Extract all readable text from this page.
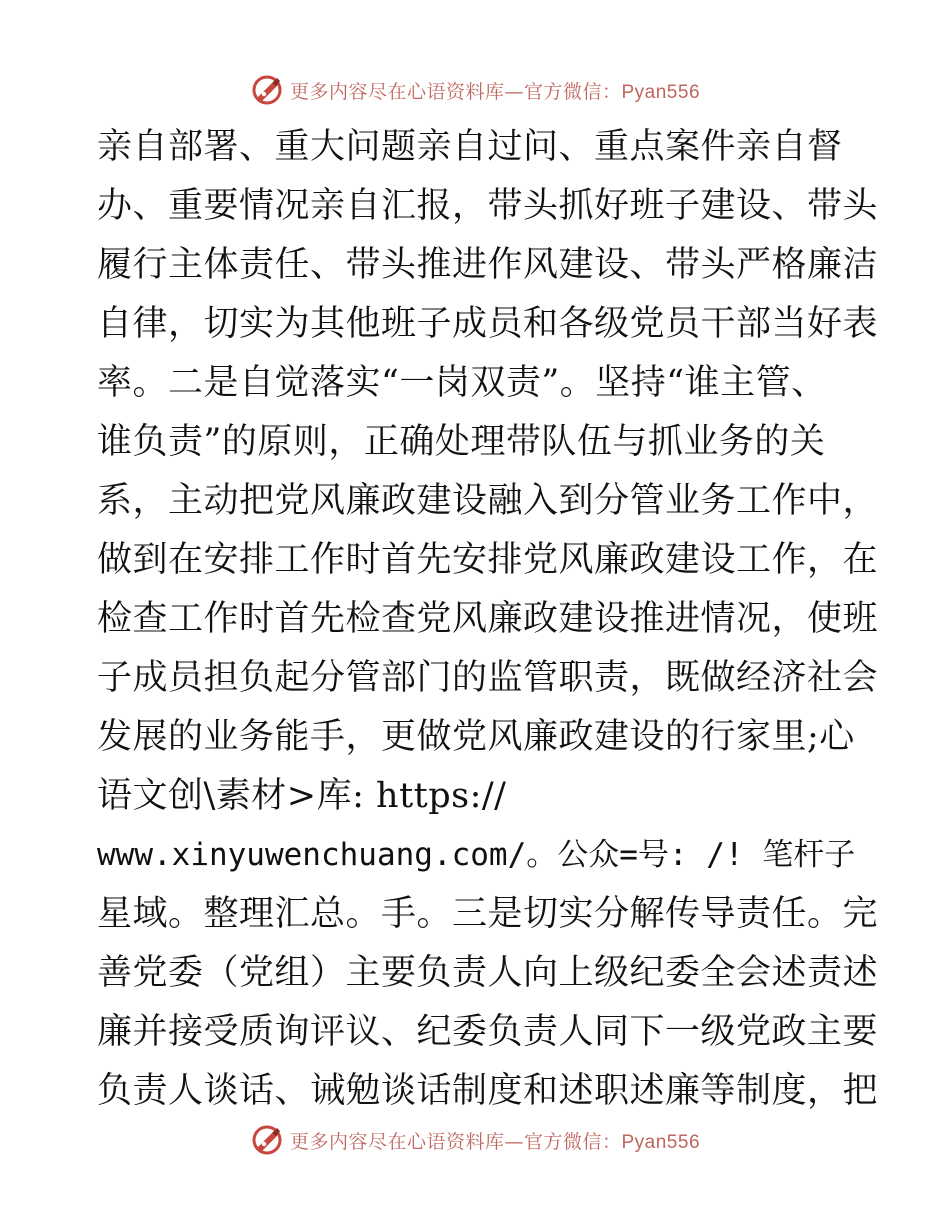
更多内容尽在心语资料库—官方微信：Pyan556
亲自部署、重大问题亲自过问、重点案件亲自督
办、重要情况亲自汇报，带头抓好班子建设、带头
履行主体责任、带头推进作风建设、带头严格廉洁
自律，切实为其他班子成员和各级党员干部当好表
率。二是自觉落实“一岗双责”。坚持“谁主管、
谁负责”的原则，正确处理带队伍与抓业务的关
系，主动把党风廉政建设融入到分管业务工作中，
做到在安排工作时首先安排党风廉政建设工作，在
检查工作时首先检查党风廉政建设推进情况，使班
子成员担负起分管部门的监管职责，既做经济社会
发展的业务能手，更做党风廉政建设的行家里;心
语文创\素材>库: https://
www.xinyuwenchuang.com/。公众=号: /! 笔杆子
星域。整理汇总。手。三是切实分解传导责任。完
善党委（党组）主要负责人向上级纪委全会述责述
廉并接受质询评议、纪委负责人同下一级党政主要
负责人谈话、诫勉谈话制度和述职述廉等制度，把
更多内容尽在心语资料库—官方微信：Pyan556
